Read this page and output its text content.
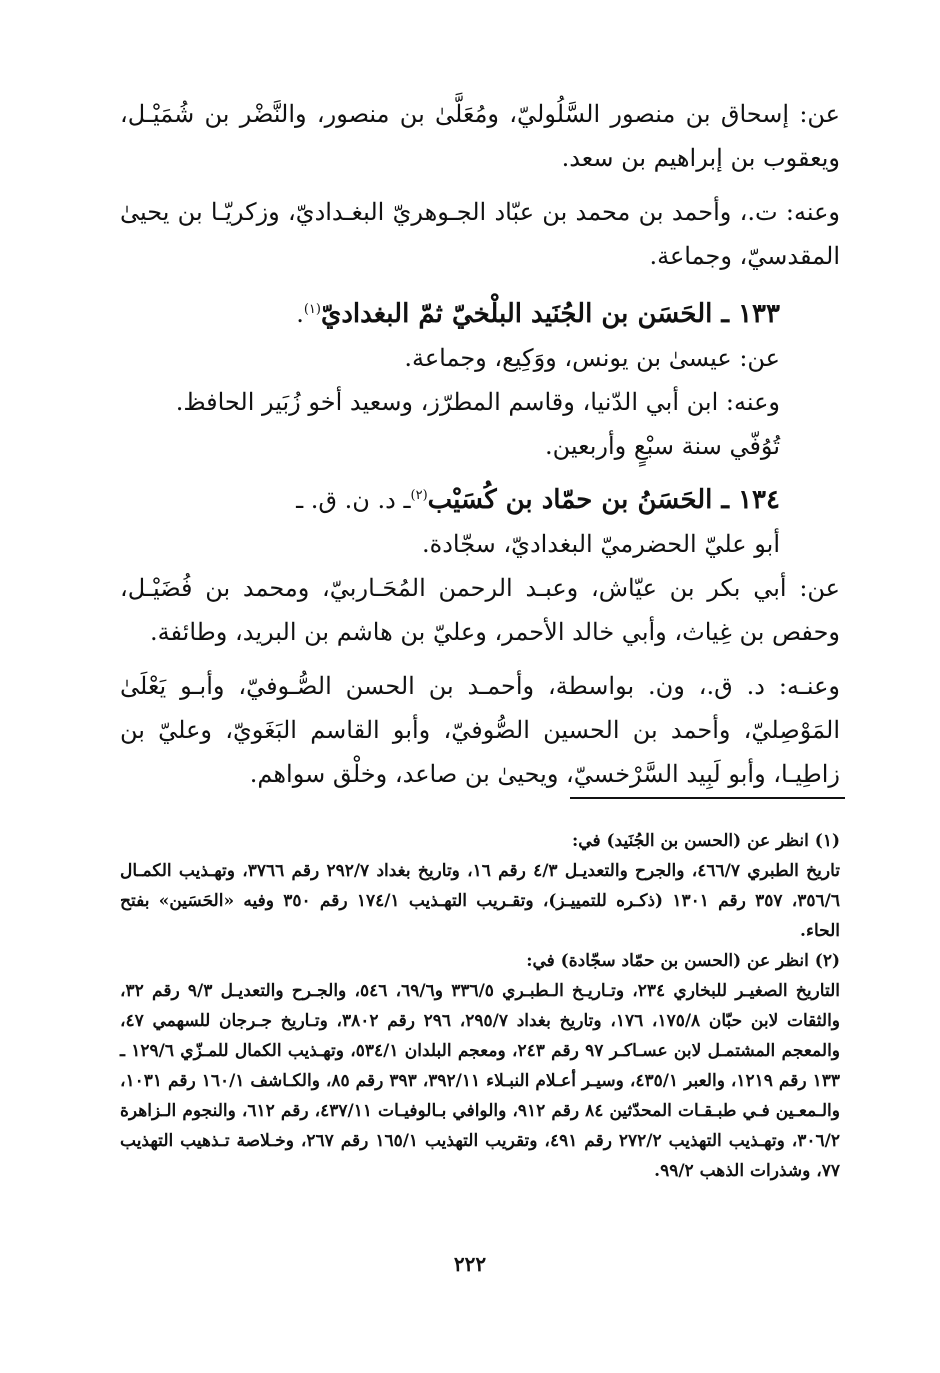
عن: إسحاق بن منصور السَّلُوليّ، ومُعَلَّىٰ بن منصور، والنَّضْر بن شُمَيْـل، ويعقوب بن إبراهيم بن سعد.

وعنه: ت.، وأحمد بن محمد بن عبّاد الجـوهريّ البغـداديّ، وزكريّـا بن يحيىٰ المقدسيّ، وجماعة.

١٣٣ ـ الحَسَن بن الجُنَيد البلْخيّ ثمّ البغداديّ$^{(١)}$.

عن: عيسىٰ بن يونس، ووَكِيع، وجماعة.

وعنه: ابن أبي الدّنيا، وقاسم المطرّز، وسعيد أخو زُبَير الحافظ.

تُوُفّي سنة سبْعٍ وأربعين.

١٣٤ ـ الحَسَنُ بن حمّاد بن كُسَيْب$^{(٢)}$ـ د. ن. ق. ـ

أبو عليّ الحضرميّ البغداديّ، سجّادة.

عن: أبي بكر بن عيّاش، وعبـد الرحمن المُحَـاربيّ، ومحمد بن فُضَيْـل، وحفص بن غِياث، وأبي خالد الأحمر، وعليّ بن هاشم بن البريد، وطائفة.

وعنـه: د. ق.، ون. بواسطة، وأحمـد بن الحسن الصُّـوفيّ، وأبـو يَعْلَىٰ المَوْصِليّ، وأحمد بن الحسين الصُّوفيّ، وأبو القاسم البَغَويّ، وعليّ بن زاطِيـا، وأبو لَبِيد السَّرْخسيّ، ويحيىٰ بن صاعد، وخلْق سواهم.

(١) انظر عن (الحسن بن الجُنَيد) في:

تاريخ الطبري ٤٦٦/٧، والجرح والتعديـل ٤/٣ رقم ١٦، وتاريخ بغداد ٢٩٢/٧ رقم ٣٧٦٦، وتهـذيب الكمـال ٣٥٦/٦، ٣٥٧ رقم ١٣٠١ (ذكـره للتمييـز)، وتقـريب التهـذيب ١٧٤/١ رقم ٣٥٠ وفيه «الحَسَين» بفتح الحاء.

(٢) انظر عن (الحسن بن حمّاد سجّادة) في:

التاريخ الصغيـر للبخاري ٢٣٤، وتـاريـخ الـطبـري ٣٣٦/٥ و٦٩/٦، ٥٤٦، والجـرح والتعديـل ٩/٣ رقم ٣٢، والثقات لابن حبّان ١٧٥/٨، ١٧٦، وتاريخ بغداد ٢٩٥/٧، ٢٩٦ رقم ٣٨٠٢، وتـاريخ جـرجان للسهمي ٤٧، والمعجم المشتمـل لابن عسـاكـر ٩٧ رقم ٢٤٣، ومعجم البلدان ٥٣٤/١، وتهـذيب الكمال للمـزّي ١٢٩/٦ ـ ١٣٣ رقم ١٢١٩، والعبر ٤٣٥/١، وسيـر أعـلام النبـلاء ٣٩٢/١١، ٣٩٣ رقم ٨٥، والكـاشف ١٦٠/١ رقم ١٠٣١، والـمعـين فـي طبـقـات المحدّثين ٨٤ رقم ٩١٢، والوافي بـالوفيـات ٤٣٧/١١، رقم ٦١٢، والنجوم الـزاهرة ٣٠٦/٢، وتهـذيب التهذيب ٢٧٢/٢ رقم ٤٩١، وتقريب التهذيب ١٦٥/١ رقم ٢٦٧، وخـلاصة تـذهيب التهذيب ٧٧، وشذرات الذهب ٩٩/٢.

٢٢٢
